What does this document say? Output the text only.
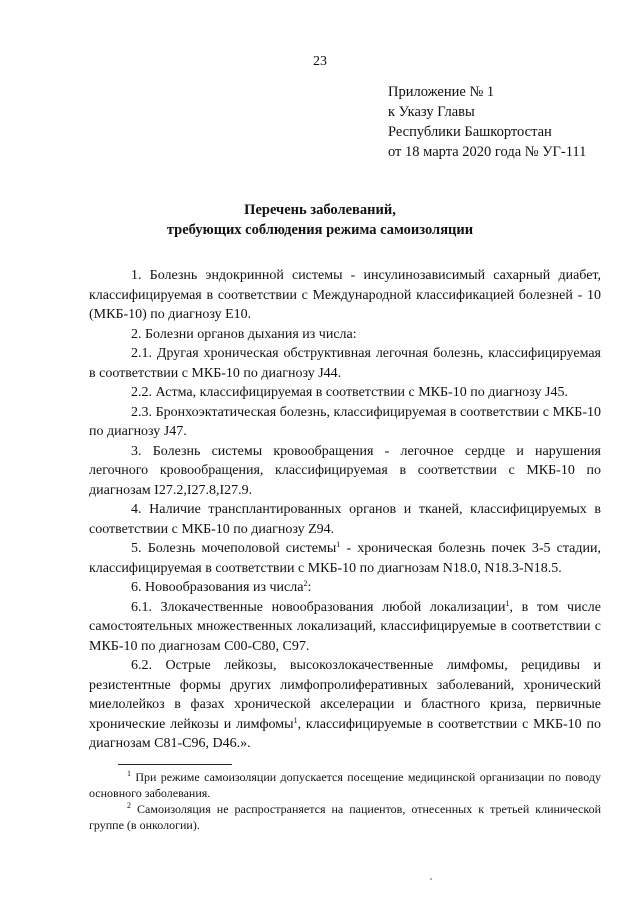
23
Приложение № 1
к Указу Главы
Республики Башкортостан
от 18 марта 2020 года № УГ-111
Перечень заболеваний,
требующих соблюдения режима самоизоляции

1. Болезнь эндокринной системы - инсулинозависимый сахарный диабет, классифицируемая в соответствии с Международной классификацией болезней - 10 (МКБ-10) по диагнозу Е10.

2. Болезни органов дыхания из числа:

2.1. Другая хроническая обструктивная легочная болезнь, классифицируемая в соответствии с МКБ-10 по диагнозу J44.

2.2. Астма, классифицируемая в соответствии с МКБ-10 по диагнозу J45.

2.3. Бронхоэктатическая болезнь, классифицируемая в соответствии с МКБ-10 по диагнозу J47.

3. Болезнь системы кровообращения - легочное сердце и нарушения легочного кровообращения, классифицируемая в соответствии с МКБ-10 по диагнозам I27.2,I27.8,I27.9.

4. Наличие трансплантированных органов и тканей, классифицируемых в соответствии с МКБ-10 по диагнозу Z94.

5. Болезнь мочеполовой системы$^1$ - хроническая болезнь почек 3-5 стадии, классифицируемая в соответствии с МКБ-10 по диагнозам N18.0, N18.3-N18.5.

6. Новообразования из числа$^2$:

6.1. Злокачественные новообразования любой локализации$^1$, в том числе самостоятельных множественных локализаций, классифицируемые в соответствии с МКБ-10 по диагнозам С00-С80, С97.

6.2. Острые лейкозы, высокозлокачественные лимфомы, рецидивы и резистентные формы других лимфопролиферативных заболеваний, хронический миелолейкоз в фазах хронической акселерации и бластного криза, первичные хронические лейкозы и лимфомы$^1$, классифицируемые в соответствии с МКБ-10 по диагнозам С81-С96, D46.».

$^1$ При режиме самоизоляции допускается посещение медицинской организации по поводу основного заболевания.

$^2$ Самоизоляция не распространяется на пациентов, отнесенных к третьей клинической группе (в онкологии).
